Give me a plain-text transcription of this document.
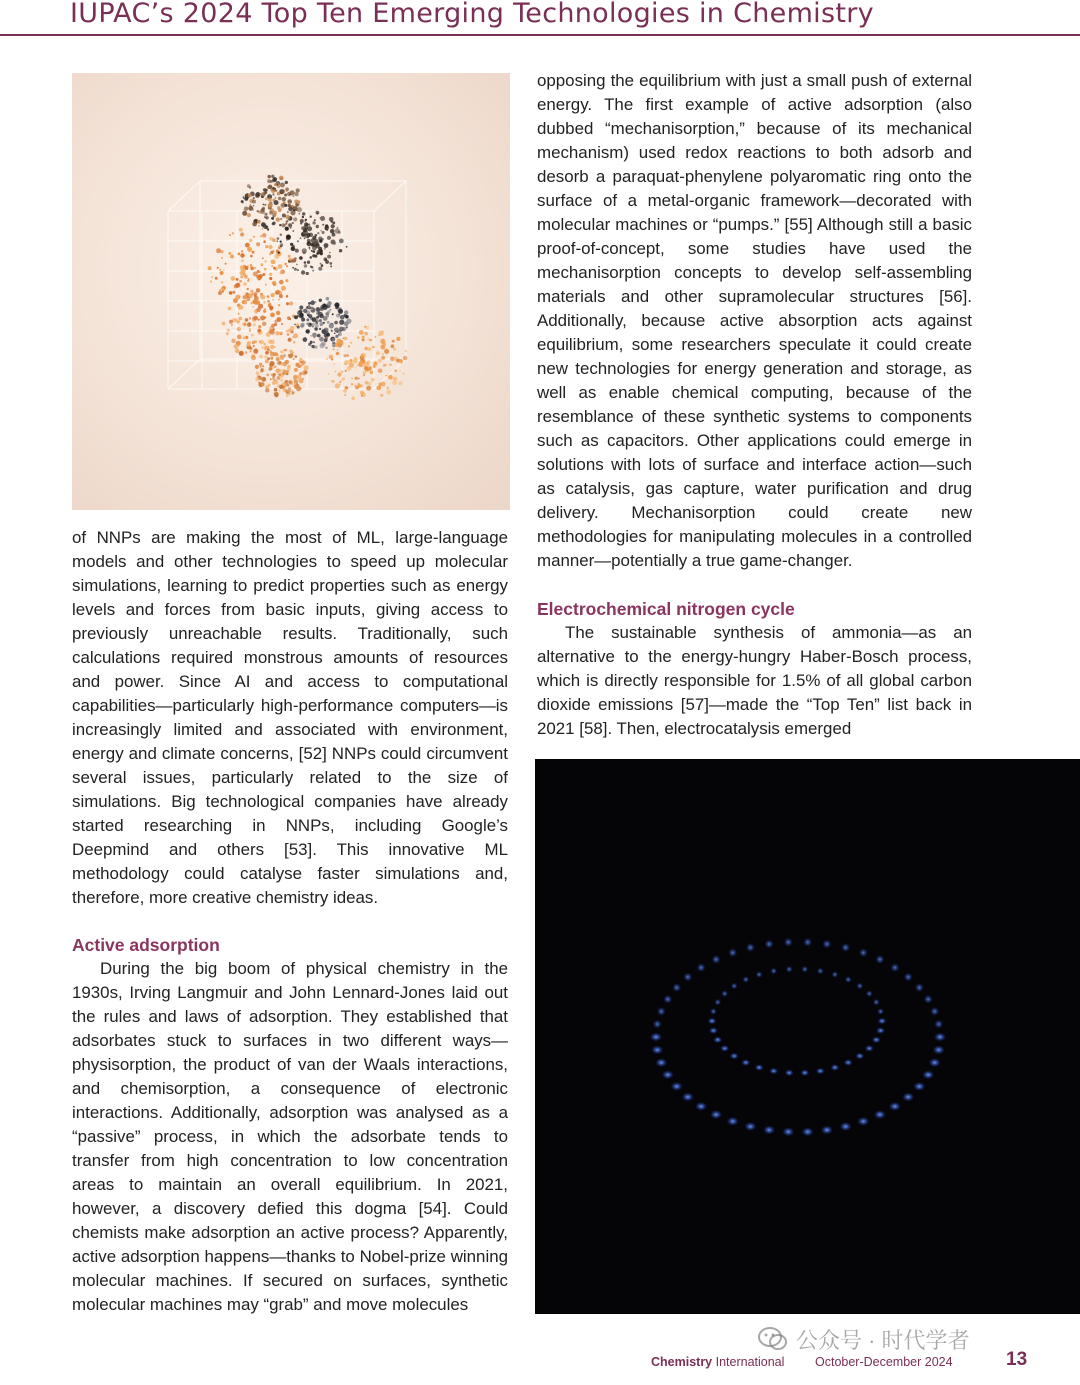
IUPAC’s 2024 Top Ten Emerging Technologies in Chemistry

of NNPs are making the most of ML, large-language models and other technologies to speed up molecular simulations, learning to predict properties such as energy levels and forces from basic inputs, giving access to previously unreachable results. Traditionally, such calculations required monstrous amounts of resources and power. Since AI and access to computational capabilities—particularly high-performance computers—is increasingly limited and associated with environment, energy and climate concerns, [52] NNPs could circumvent several issues, particularly related to the size of simulations. Big technological companies have already started researching in NNPs, including Google’s Deepmind and others [53]. This innovative ML methodology could catalyse faster simulations and, therefore, more creative chemistry ideas.

Active adsorption

During the big boom of physical chemistry in the 1930s, Irving Langmuir and John Lennard-Jones laid out the rules and laws of adsorption. They established that adsorbates stuck to surfaces in two different ways—physisorption, the product of van der Waals interactions, and chemisorption, a consequence of electronic interactions. Additionally, adsorption was analysed as a “passive” process, in which the adsorbate tends to transfer from high concentration to low concentration areas to maintain an overall equilibrium. In 2021, however, a discovery defied this dogma [54]. Could chemists make adsorption an active process? Apparently, active adsorption happens—thanks to Nobel-prize winning molecular machines. If secured on surfaces, synthetic molecular machines may “grab” and move molecules

opposing the equilibrium with just a small push of external energy. The first example of active adsorption (also dubbed “mechanisorption,” because of its mechanical mechanism) used redox reactions to both adsorb and desorb a paraquat-phenylene polyaromatic ring onto the surface of a metal-organic framework—decorated with molecular machines or “pumps.” [55] Although still a basic proof-of-concept, some studies have used the mechanisorption concepts to develop self-assembling materials and other supramolecular structures [56]. Additionally, because active absorption acts against equilibrium, some researchers speculate it could create new technologies for energy generation and storage, as well as enable chemical computing, because of the resemblance of these synthetic systems to components such as capacitors. Other applications could emerge in solutions with lots of surface and interface action—such as catalysis, gas capture, water purification and drug delivery. Mechanisorption could create new methodologies for manipulating molecules in a controlled manner—potentially a true game-changer.

Electrochemical nitrogen cycle

The sustainable synthesis of ammonia—as an alternative to the energy-hungry Haber-Bosch process, which is directly responsible for 1.5% of all global carbon dioxide emissions [57]—made the “Top Ten” list back in 2021 [58]. Then, electrocatalysis emerged

公众号 · 时代学者
Chemistry International October-December 2024	13
